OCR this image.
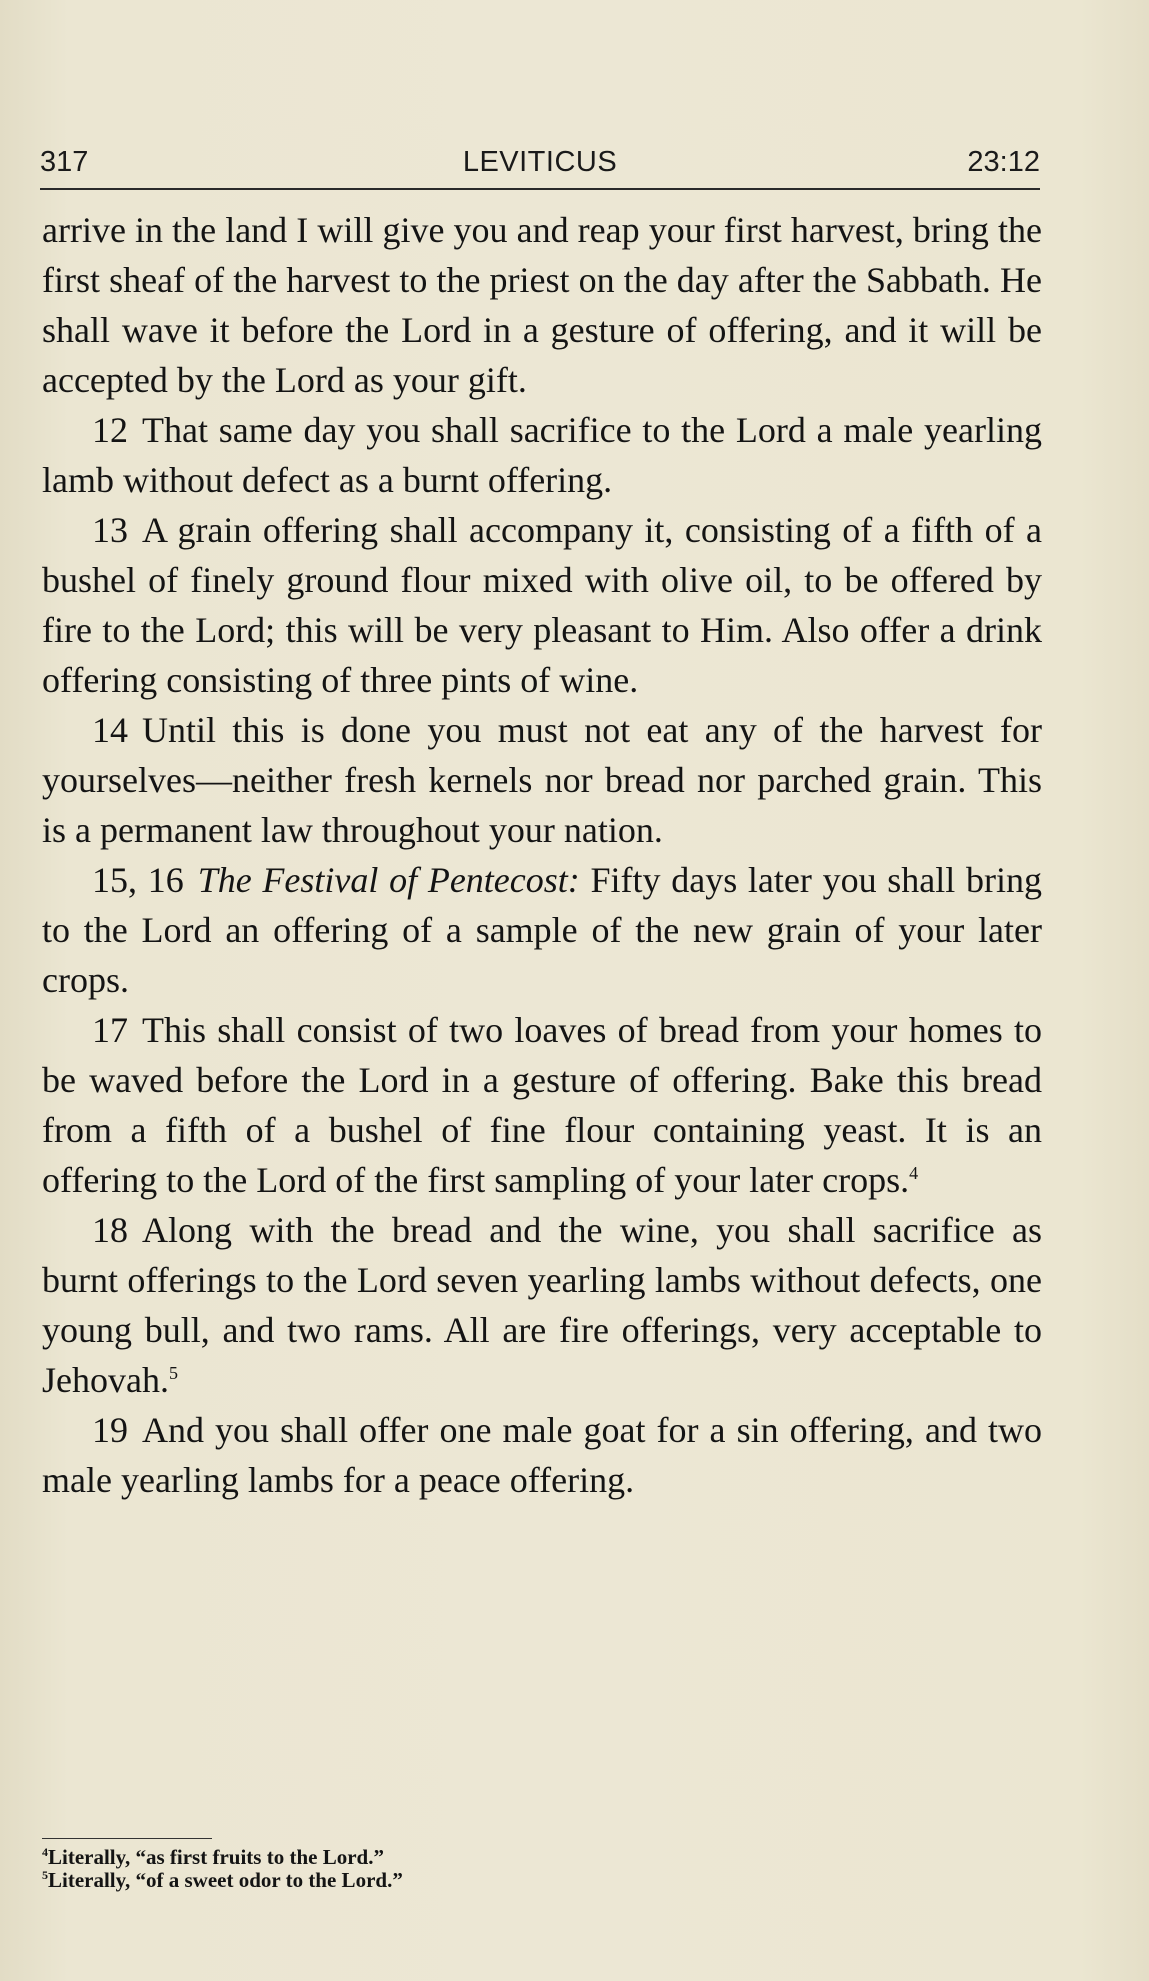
317	LEVITICUS	23:12

arrive in the land I will give you and reap your first harvest, bring the first sheaf of the harvest to the priest on the day after the Sabbath. He shall wave it before the Lord in a gesture of offering, and it will be accepted by the Lord as your gift.

12 That same day you shall sacrifice to the Lord a male yearling lamb without defect as a burnt offering.

13 A grain offering shall accompany it, consisting of a fifth of a bushel of finely ground flour mixed with olive oil, to be offered by fire to the Lord; this will be very pleasant to Him. Also offer a drink offering consisting of three pints of wine.

14 Until this is done you must not eat any of the harvest for yourselves—neither fresh kernels nor bread nor parched grain. This is a permanent law throughout your nation.

15, 16 The Festival of Pentecost: Fifty days later you shall bring to the Lord an offering of a sample of the new grain of your later crops.

17 This shall consist of two loaves of bread from your homes to be waved before the Lord in a gesture of offering. Bake this bread from a fifth of a bushel of fine flour containing yeast. It is an offering to the Lord of the first sampling of your later crops.$^4$

18 Along with the bread and the wine, you shall sacrifice as burnt offerings to the Lord seven yearling lambs without defects, one young bull, and two rams. All are fire offerings, very acceptable to Jehovah.$^5$

19 And you shall offer one male goat for a sin offering, and two male yearling lambs for a peace offering.

$^4$Literally, “as first fruits to the Lord.”
$^5$Literally, “of a sweet odor to the Lord.”
